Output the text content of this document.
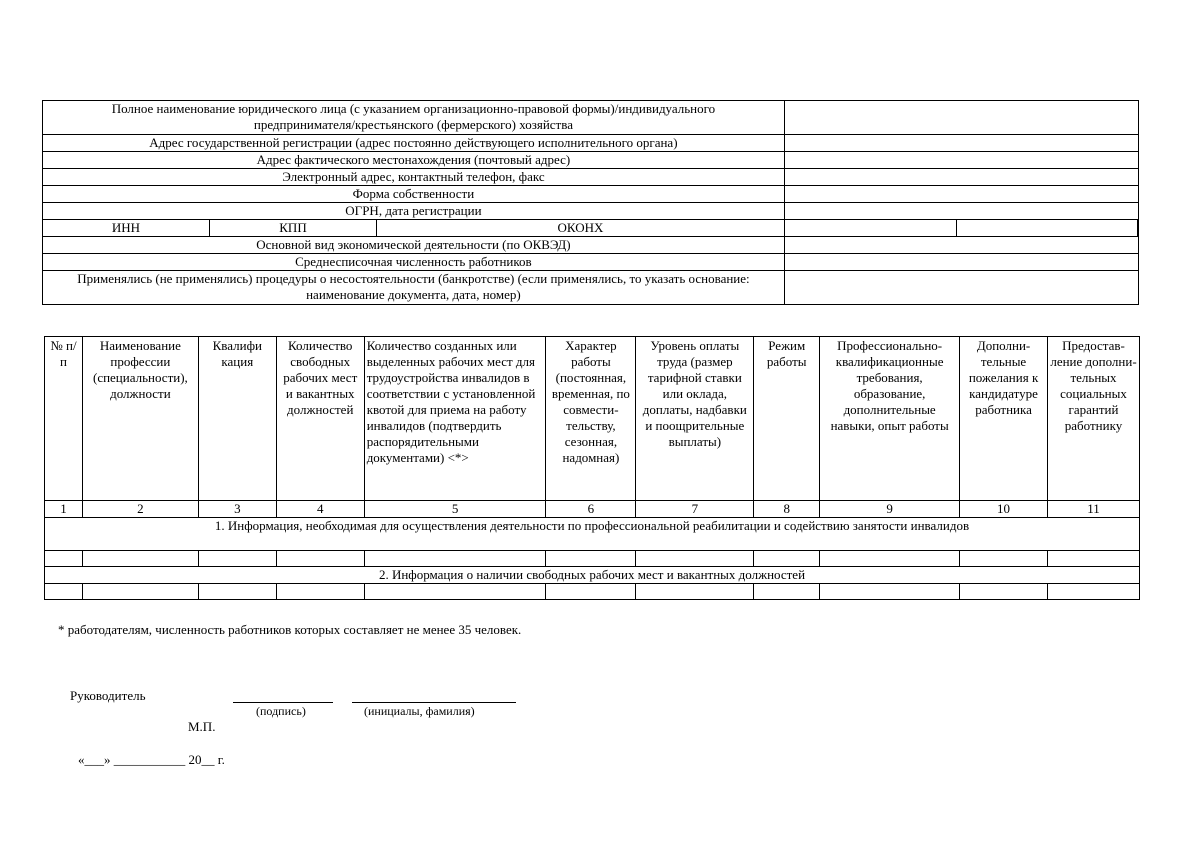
Полное наименование юридического лица (с указанием организационно-правовой формы)/индивидуального предпринимателя/крестьянского (фермерского) хозяйства					
Адрес государственной регистрации (адрес постоянно действующего исполнительного органа)					
Адрес фактического местонахождения (почтовый адрес)					
Электронный адрес, контактный телефон, факс					
Форма собственности					
ОГРН, дата регистрации					
ИНН	КПП	ОКОНХ			
Основной вид экономической деятельности (по ОКВЭД)					
Среднесписочная численность работников					
Применялись (не применялись) процедуры о несостоятельности (банкротстве) (если применялись, то указать основание: наименование документа, дата, номер)					
№ п/п	Наименование профессии (специальности), должности	Квалифи кация	Количество свободных рабочих мест и вакантных должностей	Количество созданных или выделенных рабочих мест для трудоустройства инвалидов в соответствии с установленной квотой для приема на работу инвалидов (подтвердить распорядительными документами) <*>	Характер работы (постоянная, временная, по совмести- тельству, сезонная, надомная)	Уровень оплаты труда (размер тарифной ставки или оклада, доплаты, надбавки и поощрительные выплаты)	Режим работы	Профессионально- квалификационные требования, образование, дополнительные навыки, опыт работы	Дополни- тельные пожелания к кандидатуре работника	Предостав- ление дополни- тельных социальных гарантий работнику
1	2	3	4	5	6	7	8	9	10	11
1. Информация, необходимая для осуществления деятельности по профессиональной реабилитации и содействию занятости инвалидов										

2. Информация о наличии свободных рабочих мест и вакантных должностей										

* работодателям, численность работников которых составляет не менее 35 человек.
Руководитель
(подпись)	(инициалы, фамилия)
М.П.
«___» ___________ 20__ г.
